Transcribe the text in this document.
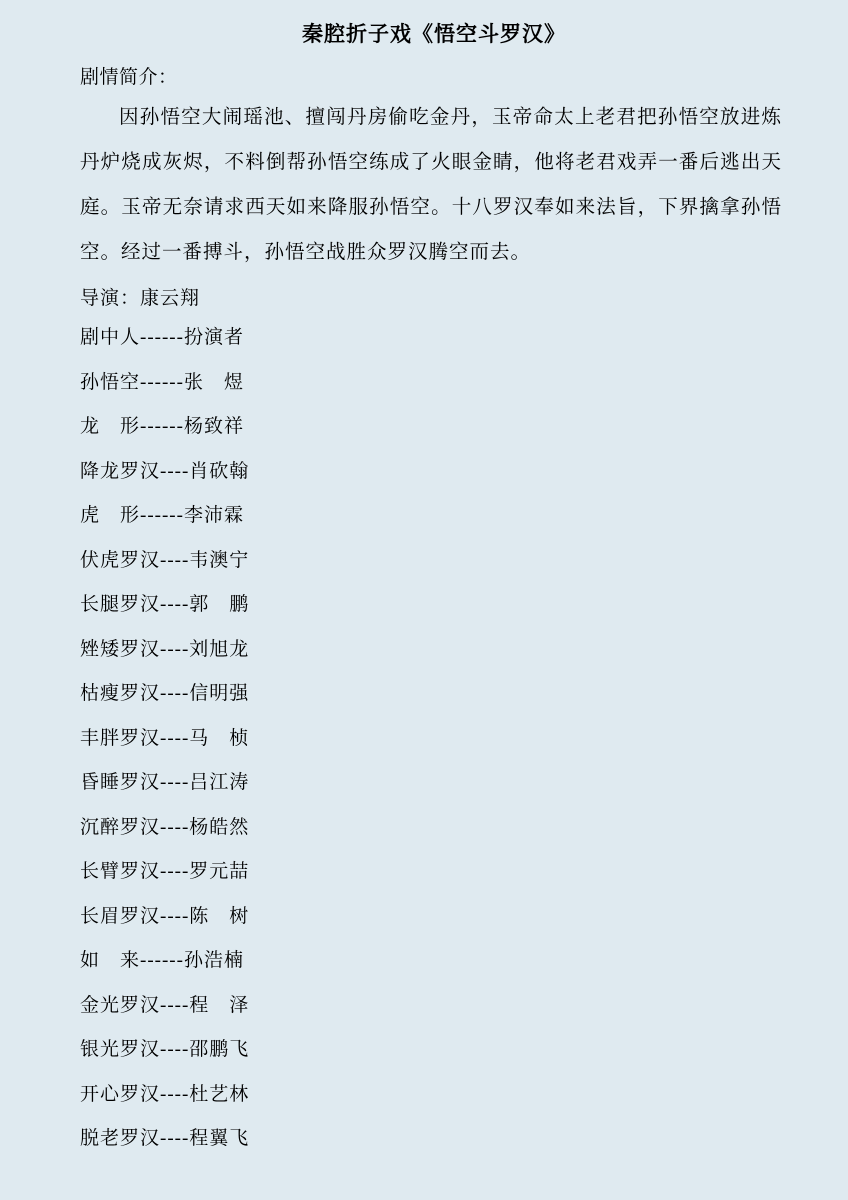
秦腔折子戏《悟空斗罗汉》
剧情简介：
因孙悟空大闹瑶池、擅闯丹房偷吃金丹，玉帝命太上老君把孙悟空放进炼丹炉烧成灰烬，不料倒帮孙悟空练成了火眼金睛，他将老君戏弄一番后逃出天庭。玉帝无奈请求西天如来降服孙悟空。十八罗汉奉如来法旨，下界擒拿孙悟空。经过一番搏斗，孙悟空战胜众罗汉腾空而去。
导演：康云翔
剧中人------扮演者
孙悟空------张　煜
龙　形------杨致祥
降龙罗汉----肖砍翰
虎　形------李沛霖
伏虎罗汉----韦澳宁
长腿罗汉----郭　鹏
矬矮罗汉----刘旭龙
枯瘦罗汉----信明强
丰胖罗汉----马　桢
昏睡罗汉----吕江涛
沉醉罗汉----杨皓然
长臂罗汉----罗元喆
长眉罗汉----陈　树
如　来------孙浩楠
金光罗汉----程　泽
银光罗汉----邵鹏飞
开心罗汉----杜艺林
脱老罗汉----程翼飞
